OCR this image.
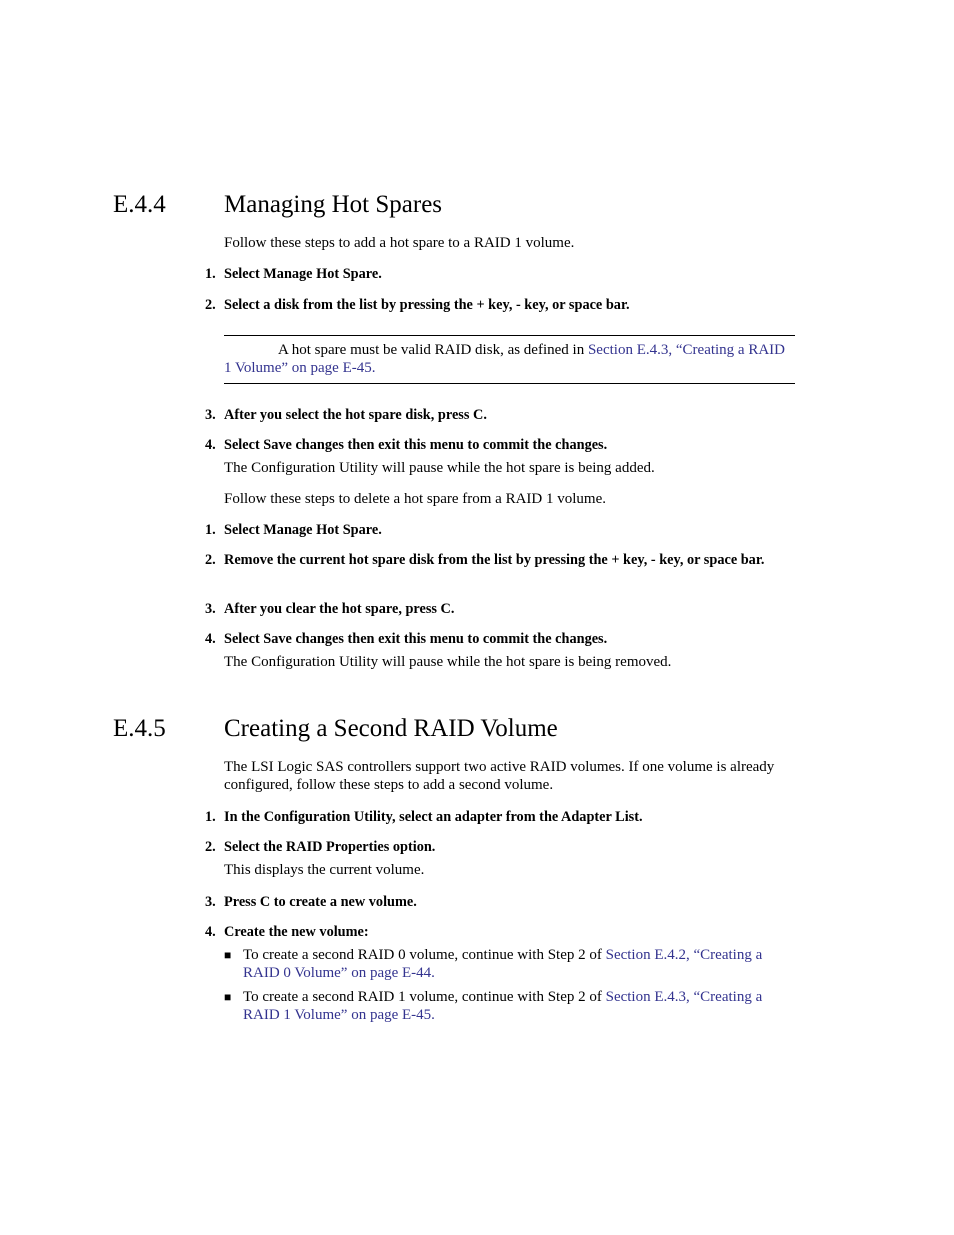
E.4.4 Managing Hot Spares
Follow these steps to add a hot spare to a RAID 1 volume.
1. Select Manage Hot Spare.
2. Select a disk from the list by pressing the + key, - key, or space bar.
A hot spare must be valid RAID disk, as defined in Section E.4.3, “Creating a RAID 1 Volume” on page E-45.
3. After you select the hot spare disk, press C.
4. Select Save changes then exit this menu to commit the changes.
The Configuration Utility will pause while the hot spare is being added.
Follow these steps to delete a hot spare from a RAID 1 volume.
1. Select Manage Hot Spare.
2. Remove the current hot spare disk from the list by pressing the + key, - key, or space bar.
3. After you clear the hot spare, press C.
4. Select Save changes then exit this menu to commit the changes.
The Configuration Utility will pause while the hot spare is being removed.
E.4.5 Creating a Second RAID Volume
The LSI Logic SAS controllers support two active RAID volumes. If one volume is already configured, follow these steps to add a second volume.
1. In the Configuration Utility, select an adapter from the Adapter List.
2. Select the RAID Properties option.
This displays the current volume.
3. Press C to create a new volume.
4. Create the new volume:
■ To create a second RAID 0 volume, continue with Step 2 of Section E.4.2, “Creating a RAID 0 Volume” on page E-44.
■ To create a second RAID 1 volume, continue with Step 2 of Section E.4.3, “Creating a RAID 1 Volume” on page E-45.
